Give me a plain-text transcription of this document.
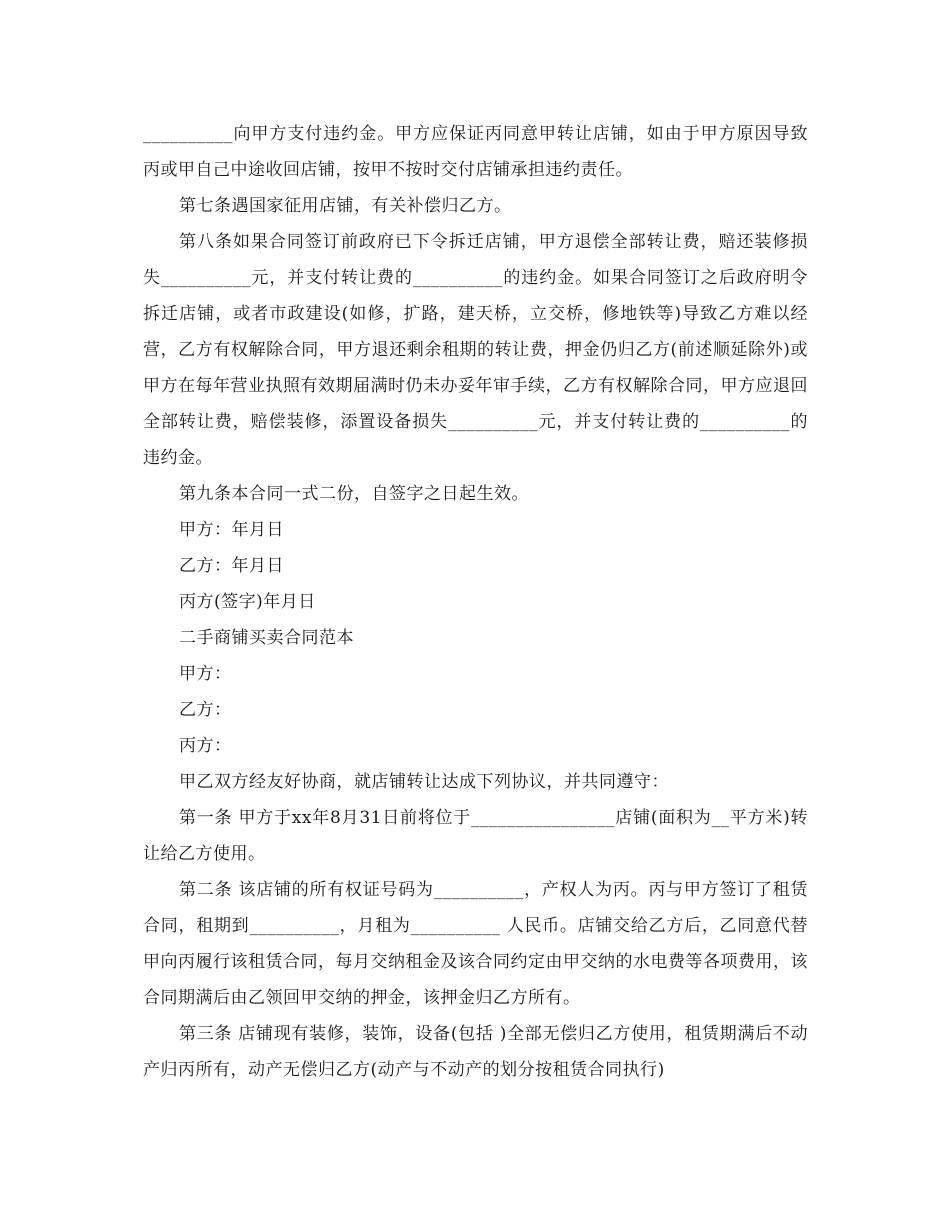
__________向甲方支付违约金。甲方应保证丙同意甲转让店铺，如由于甲方原因导致丙或甲自己中途收回店铺，按甲不按时交付店铺承担违约责任。

第七条遇国家征用店铺，有关补偿归乙方。

第八条如果合同签订前政府已下令拆迁店铺，甲方退偿全部转让费，赔还装修损失__________元，并支付转让费的__________的违约金。如果合同签订之后政府明令拆迁店铺，或者市政建设(如修，扩路，建天桥，立交桥，修地铁等)导致乙方难以经营，乙方有权解除合同，甲方退还剩余租期的转让费，押金仍归乙方(前述顺延除外)或甲方在每年营业执照有效期届满时仍未办妥年审手续，乙方有权解除合同，甲方应退回全部转让费，赔偿装修，添置设备损失__________元，并支付转让费的__________的违约金。

第九条本合同一式二份，自签字之日起生效。

甲方：年月日

乙方：年月日

丙方(签字)年月日

二手商铺买卖合同范本

甲方：

乙方：

丙方：

甲乙双方经友好协商，就店铺转让达成下列协议，并共同遵守：

第一条 甲方于xx年8月31日前将位于________________店铺(面积为__平方米)转让给乙方使用。

第二条 该店铺的所有权证号码为__________，产权人为丙。丙与甲方签订了租赁合同，租期到__________，月租为__________ 人民币。店铺交给乙方后，乙同意代替甲向丙履行该租赁合同，每月交纳租金及该合同约定由甲交纳的水电费等各项费用，该合同期满后由乙领回甲交纳的押金，该押金归乙方所有。

第三条 店铺现有装修，装饰，设备(包括 )全部无偿归乙方使用，租赁期满后不动产归丙所有，动产无偿归乙方(动产与不动产的划分按租赁合同执行)
